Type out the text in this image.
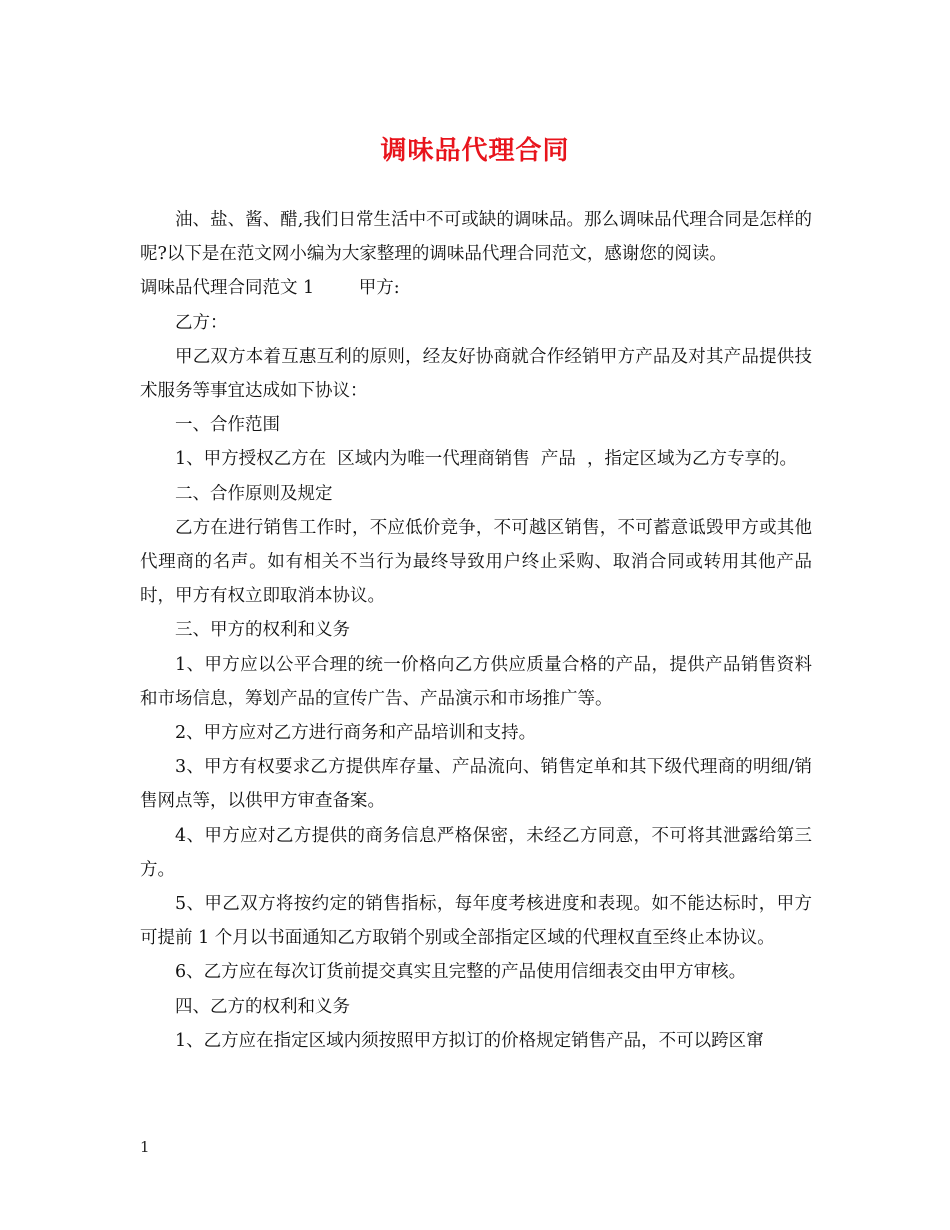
调味品代理合同

油、盐、酱、醋,我们日常生活中不可或缺的调味品。那么调味品代理合同是怎样的呢?以下是在范文网小编为大家整理的调味品代理合同范文，感谢您的阅读。

调味品代理合同范文 1        甲方:

乙方：

甲乙双方本着互惠互利的原则，经友好协商就合作经销甲方产品及对其产品提供技术服务等事宜达成如下协议：

一、合作范围

1、甲方授权乙方在  区域内为唯一代理商销售  产品  ，指定区域为乙方专享的。

二、合作原则及规定

乙方在进行销售工作时，不应低价竞争，不可越区销售，不可蓄意诋毁甲方或其他代理商的名声。如有相关不当行为最终导致用户终止采购、取消合同或转用其他产品时，甲方有权立即取消本协议。

三、甲方的权利和义务

1、甲方应以公平合理的统一价格向乙方供应质量合格的产品，提供产品销售资料和市场信息，筹划产品的宣传广告、产品演示和市场推广等。

2、甲方应对乙方进行商务和产品培训和支持。

3、甲方有权要求乙方提供库存量、产品流向、销售定单和其下级代理商的明细/销售网点等，以供甲方审查备案。

4、甲方应对乙方提供的商务信息严格保密，未经乙方同意，不可将其泄露给第三方。

5、甲乙双方将按约定的销售指标，每年度考核进度和表现。如不能达标时，甲方可提前 1 个月以书面通知乙方取销个别或全部指定区域的代理权直至终止本协议。

6、乙方应在每次订货前提交真实且完整的产品使用信细表交由甲方审核。

四、乙方的权利和义务

1、乙方应在指定区域内须按照甲方拟订的价格规定销售产品，不可以跨区窜

1
